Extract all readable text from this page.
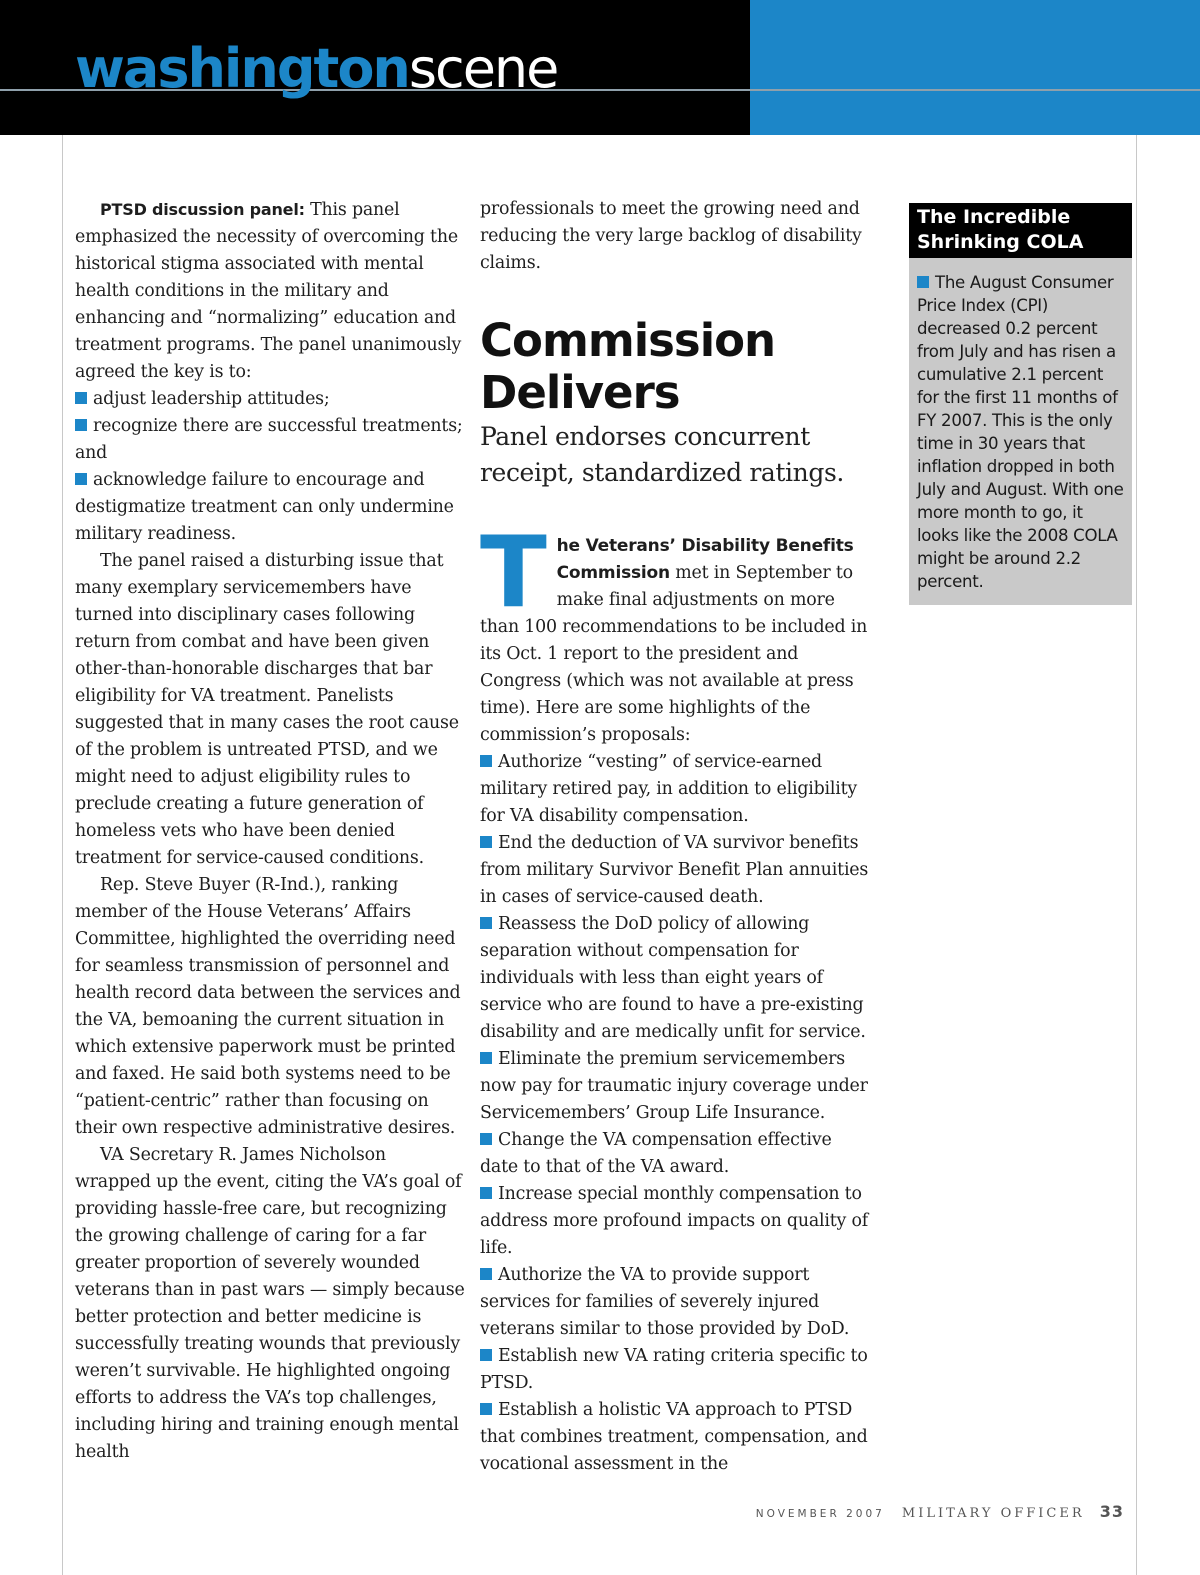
washingtonscene

PTSD discussion panel: This panel emphasized the necessity of overcoming the historical stigma associated with mental health conditions in the military and enhancing and “normalizing” education and treatment programs. The panel unanimously agreed the key is to:

adjust leadership attitudes;

recognize there are successful treatments; and

acknowledge failure to encourage and destigmatize treatment can only undermine military readiness.

The panel raised a disturbing issue that many exemplary servicemembers have turned into disciplinary cases following return from combat and have been given other-than-honorable discharges that bar eligibility for VA treatment. Panelists suggested that in many cases the root cause of the problem is untreated PTSD, and we might need to adjust eligibility rules to preclude creating a future generation of homeless vets who have been denied treatment for service-caused conditions.

Rep. Steve Buyer (R-Ind.), ranking member of the House Veterans’ Affairs Committee, highlighted the overriding need for seamless transmission of personnel and health record data between the services and the VA, bemoaning the current situation in which extensive paperwork must be printed and faxed. He said both systems need to be “patient-centric” rather than focusing on their own respective administrative desires.

VA Secretary R. James Nicholson wrapped up the event, citing the VA’s goal of providing hassle-free care, but recognizing the growing challenge of caring for a far greater proportion of severely wounded veterans than in past wars — simply because better protection and better medicine is successfully treating wounds that previously weren’t survivable. He highlighted ongoing efforts to address the VA’s top challenges, including hiring and training enough mental health

professionals to meet the growing need and reducing the very large backlog of disability claims.

Commission Delivers

Panel endorses concurrent receipt, standardized ratings.

The Veterans’ Disability Benefits Commission met in September to make final adjustments on more than 100 recommendations to be included in its Oct. 1 report to the president and Congress (which was not available at press time). Here are some highlights of the commission’s proposals:

Authorize “vesting” of service-earned military retired pay, in addition to eligibility for VA disability compensation.

End the deduction of VA survivor benefits from military Survivor Benefit Plan annuities in cases of service-caused death.

Reassess the DoD policy of allowing separation without compensation for individuals with less than eight years of service who are found to have a pre-existing disability and are medically unfit for service.

Eliminate the premium servicemembers now pay for traumatic injury coverage under Servicemembers’ Group Life Insurance.

Change the VA compensation effective date to that of the VA award.

Increase special monthly compensation to address more profound impacts on quality of life.

Authorize the VA to provide support services for families of severely injured veterans similar to those provided by DoD.

Establish new VA rating criteria specific to PTSD.

Establish a holistic VA approach to PTSD that combines treatment, compensation, and vocational assessment in the

The Incredible Shrinking COLA

The August Consumer Price Index (CPI) decreased 0.2 percent from July and has risen a cumulative 2.1 percent for the first 11 months of FY 2007. This is the only time in 30 years that inflation dropped in both July and August. With one more month to go, it looks like the 2008 COLA might be around 2.2 percent.

NOVEMBER 2007 MILITARY OFFICER 33
